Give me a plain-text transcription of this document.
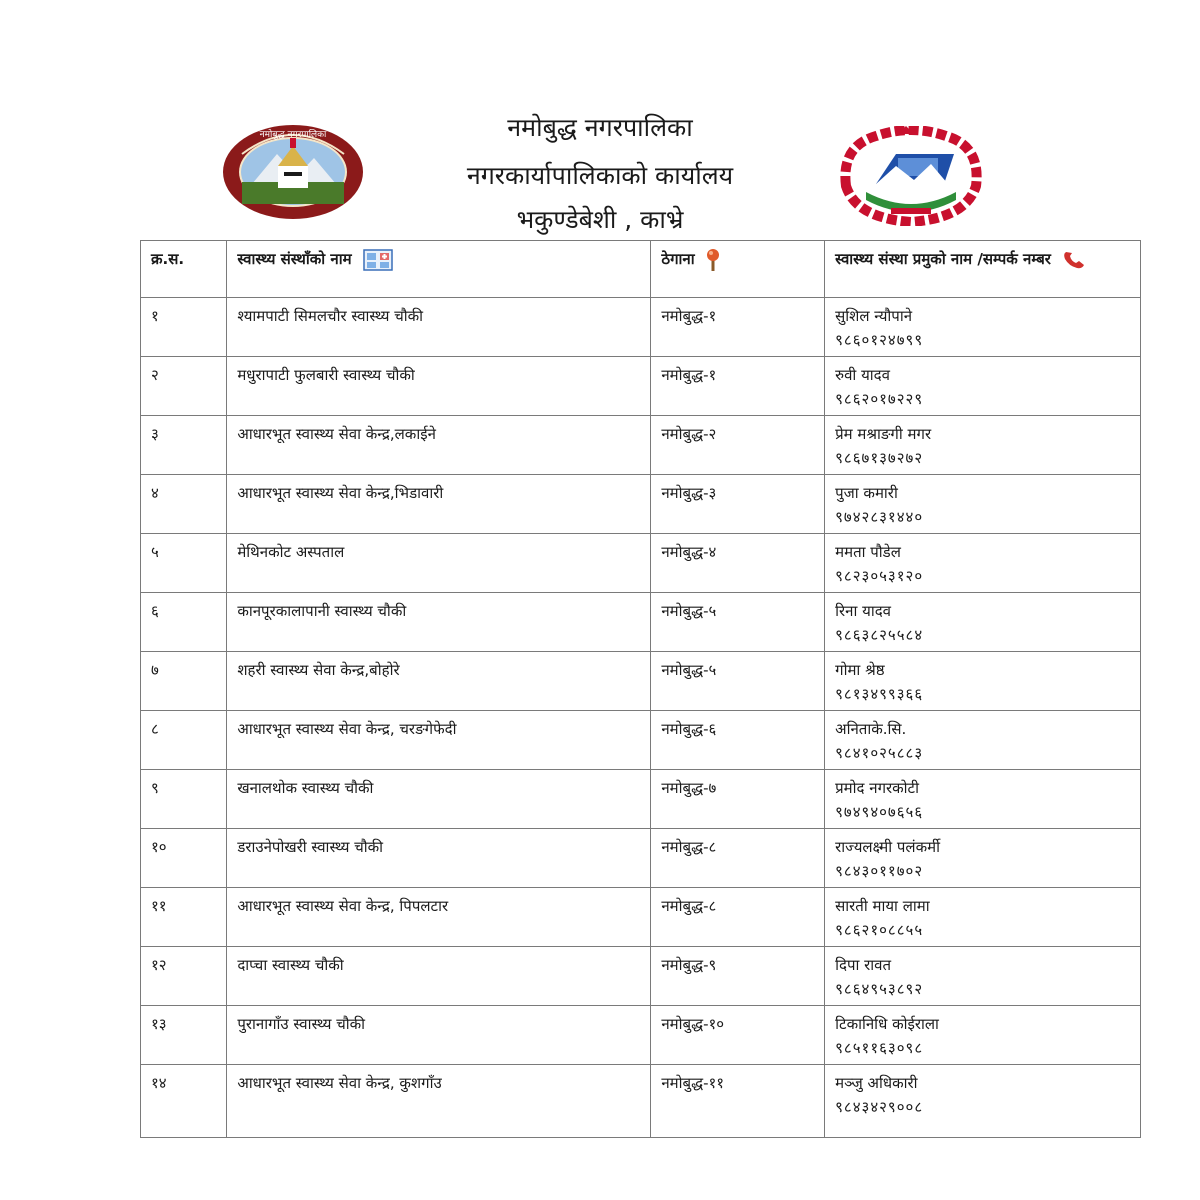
नमोबुद्ध नगरपालिका	नमोबुद्ध नगरपालिका
नगरकार्यापालिकाको कार्यालय
भकुण्डेबेशी , काभ्रे
क्र.स.	स्वास्थ्य संस्थाँको नाम	ठेगाना	स्वास्थ्य संस्था प्रमुको नाम /सम्पर्क नम्बर
१	श्यामपाटी सिमलचौर स्वास्थ्य चौकी	नमोबुद्ध-१	सुशिल न्यौपाने
९८६०१२४७९९

२	मधुरापाटी फुलबारी स्वास्थ्य चौकी	नमोबुद्ध-१	रुवी यादव
९८६२०१७२२९

३	आधारभूत स्वास्थ्य सेवा केन्द्र,लकाईने	नमोबुद्ध-२	प्रेम मश्राङगी मगर
९८६७१३७२७२

४	आधारभूत स्वास्थ्य सेवा केन्द्र,भिडावारी	नमोबुद्ध-३	पुजा कमारी
९७४२८३१४४०

५	मेथिनकोट अस्पताल	नमोबुद्ध-४	ममता पौडेल
९८२३०५३१२०

६	कानपूरकालापानी स्वास्थ्य चौकी	नमोबुद्ध-५	रिना यादव
९८६३८२५५८४

७	शहरी स्वास्थ्य सेवा केन्द्र,बोहोरे	नमोबुद्ध-५	गोमा श्रेष्ठ
९८१३४९९३६६

८	आधारभूत स्वास्थ्य सेवा केन्द्र, चरङगेफेदी	नमोबुद्ध-६	अनिताके.सि.
९८४१०२५८८३

९	खनालथोक स्वास्थ्य चौकी	नमोबुद्ध-७	प्रमोद नगरकोटी
९७४९४०७६५६

१०	डराउनेपोखरी स्वास्थ्य चौकी	नमोबुद्ध-८	राज्यलक्ष्मी पलंकर्मी
९८४३०११७०२

११	आधारभूत स्वास्थ्य सेवा केन्द्र, पिपलटार	नमोबुद्ध-८	सारती माया लामा
९८६२१०८८५५

१२	दाप्चा स्वास्थ्य चौकी	नमोबुद्ध-९	दिपा रावत
९८६४९५३८९२

१३	पुरानागाँउ स्वास्थ्य चौकी	नमोबुद्ध-१०	टिकानिधि कोईराला
९८५११६३०९८

१४	आधारभूत स्वास्थ्य सेवा केन्द्र, कुशगाँउ	नमोबुद्ध-११	मञ्जु अधिकारी
९८४३४२९००८
